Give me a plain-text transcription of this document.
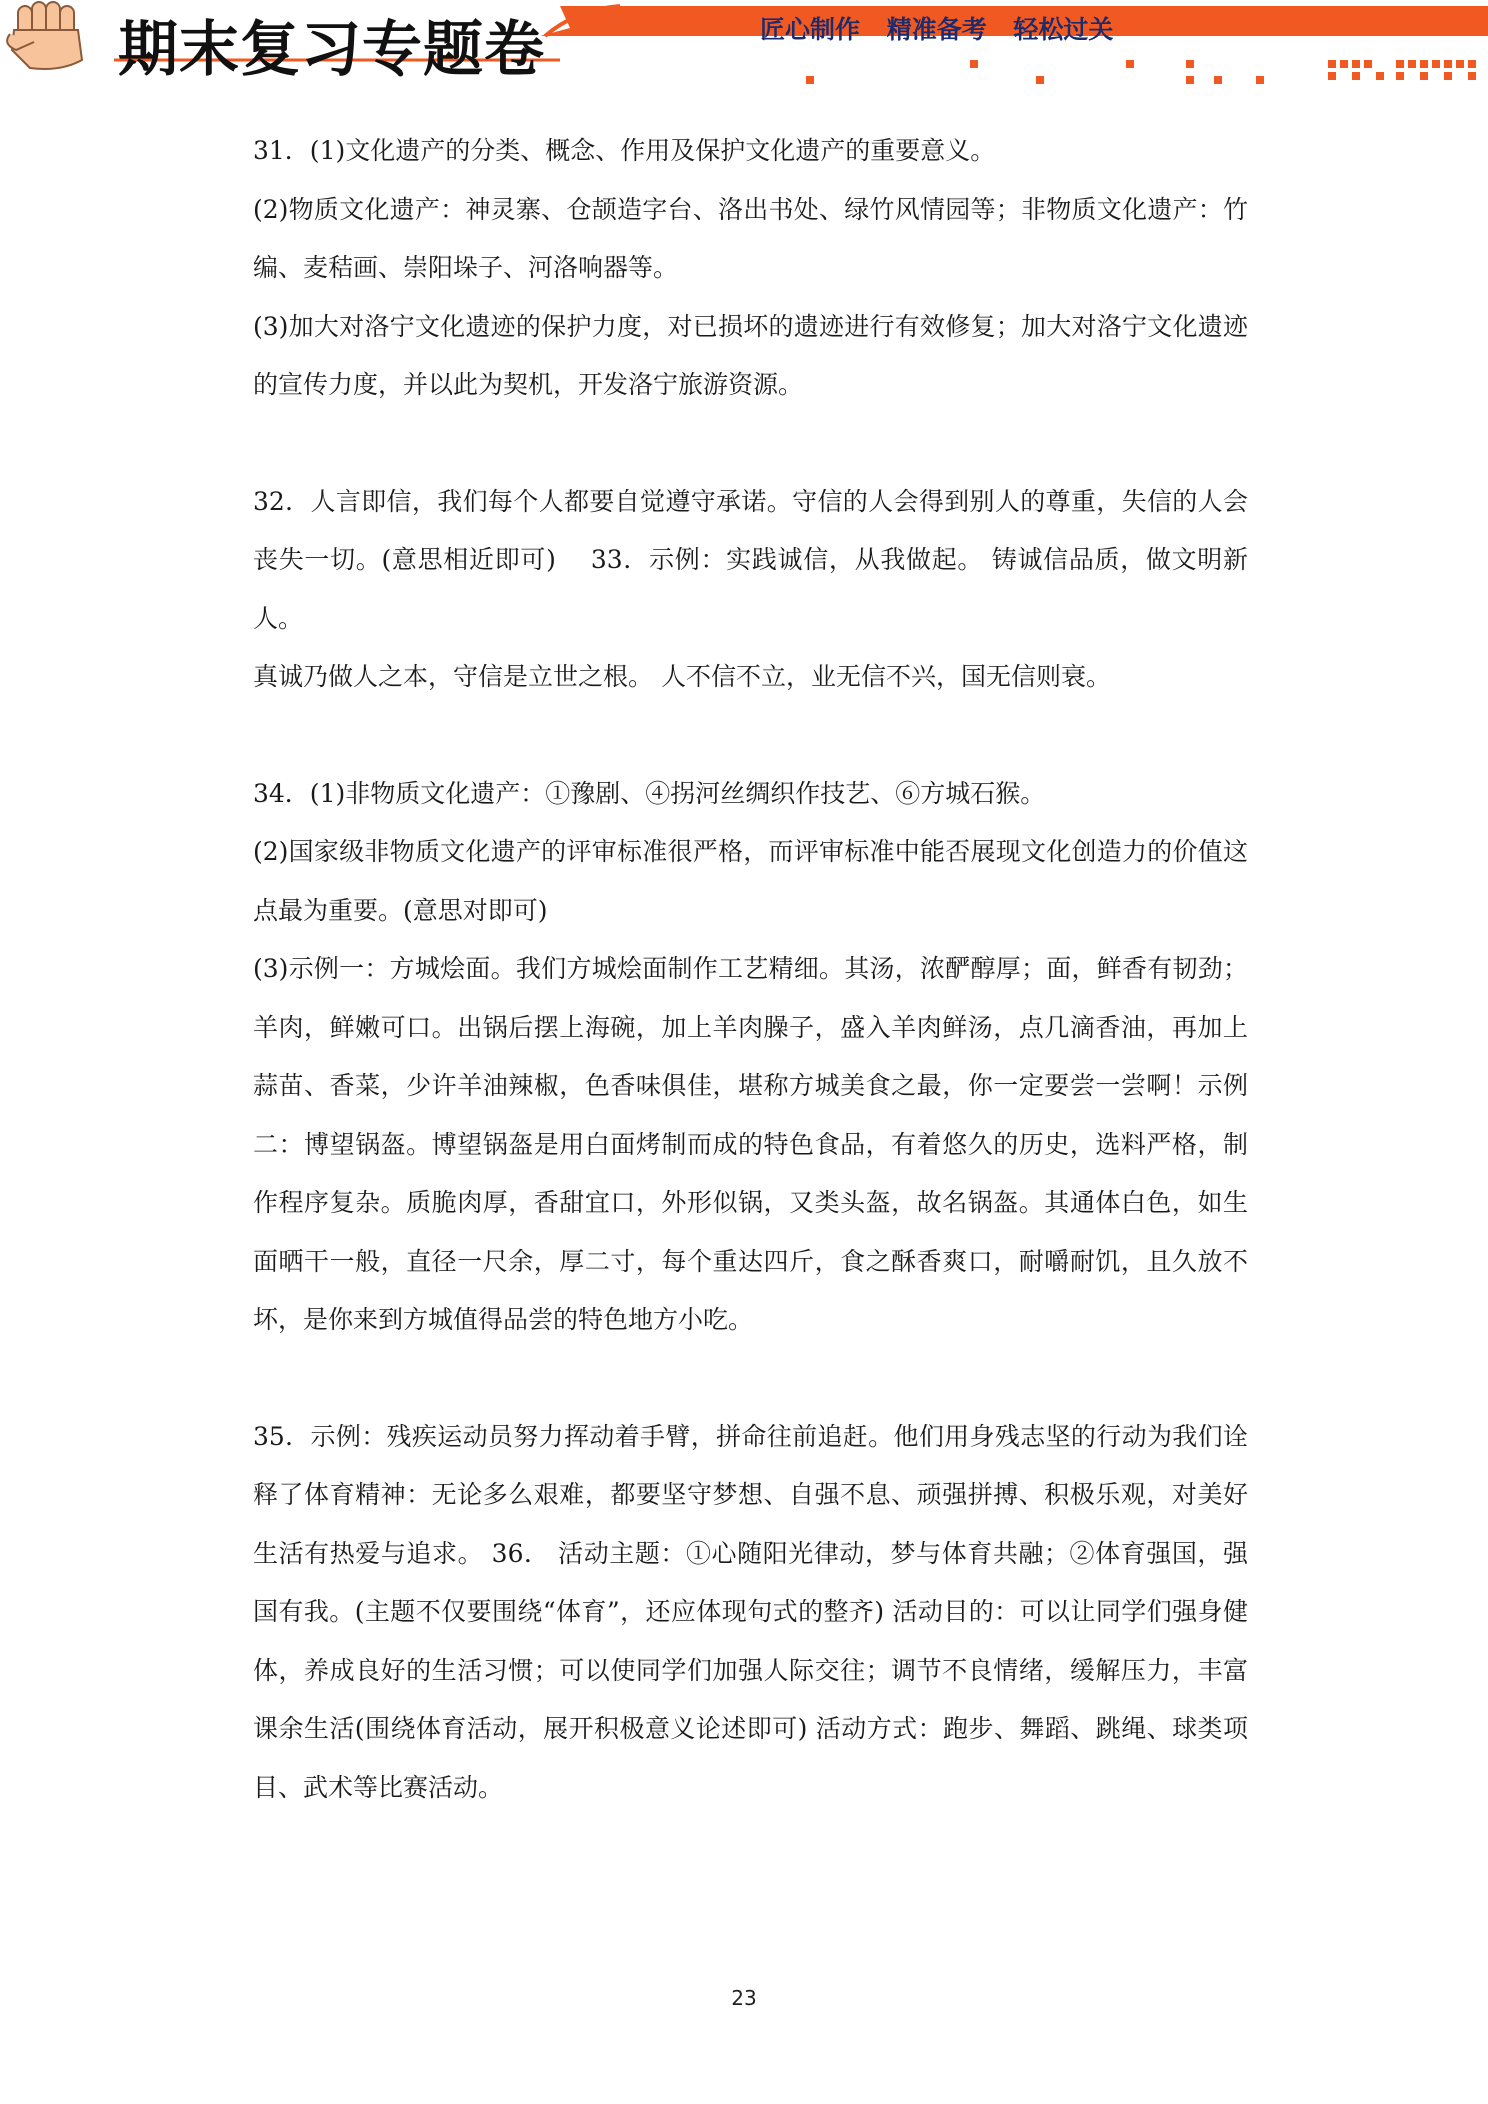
期末复习专题卷	匠心制作 精准备考 轻松过关

31．(1)文化遗产的分类、概念、作用及保护文化遗产的重要意义。

(2)物质文化遗产：神灵寨、仓颉造字台、洛出书处、绿竹风情园等；非物质文化遗产：竹编、麦秸画、崇阳垛子、河洛响器等。

(3)加大对洛宁文化遗迹的保护力度，对已损坏的遗迹进行有效修复；加大对洛宁文化遗迹的宣传力度，并以此为契机，开发洛宁旅游资源。

32．人言即信，我们每个人都要自觉遵守承诺。守信的人会得到别人的尊重，失信的人会丧失一切。(意思相近即可)　 33．示例：实践诚信，从我做起。 铸诚信品质，做文明新人。

真诚乃做人之本，守信是立世之根。 人不信不立，业无信不兴，国无信则衰。

34．(1)非物质文化遗产：①豫剧、④拐河丝绸织作技艺、⑥方城石猴。

(2)国家级非物质文化遗产的评审标准很严格，而评审标准中能否展现文化创造力的价值这点最为重要。(意思对即可)

(3)示例一：方城烩面。我们方城烩面制作工艺精细。其汤，浓酽醇厚；面，鲜香有韧劲；羊肉，鲜嫩可口。出锅后摆上海碗，加上羊肉臊子，盛入羊肉鲜汤，点几滴香油，再加上蒜苗、香菜，少许羊油辣椒，色香味俱佳，堪称方城美食之最，你一定要尝一尝啊！示例二：博望锅盔。博望锅盔是用白面烤制而成的特色食品，有着悠久的历史，选料严格，制作程序复杂。质脆肉厚，香甜宜口，外形似锅，又类头盔，故名锅盔。其通体白色，如生面晒干一般，直径一尺余，厚二寸，每个重达四斤，食之酥香爽口，耐嚼耐饥，且久放不坏，是你来到方城值得品尝的特色地方小吃。

35．示例：残疾运动员努力挥动着手臂，拼命往前追赶。他们用身残志坚的行动为我们诠释了体育精神：无论多么艰难，都要坚守梦想、自强不息、顽强拼搏、积极乐观，对美好生活有热爱与追求。 36． 活动主题：①心随阳光律动，梦与体育共融；②体育强国，强国有我。(主题不仅要围绕“体育”，还应体现句式的整齐) 活动目的：可以让同学们强身健体，养成良好的生活习惯；可以使同学们加强人际交往；调节不良情绪，缓解压力，丰富课余生活(围绕体育活动，展开积极意义论述即可) 活动方式：跑步、舞蹈、跳绳、球类项目、武术等比赛活动。

23
